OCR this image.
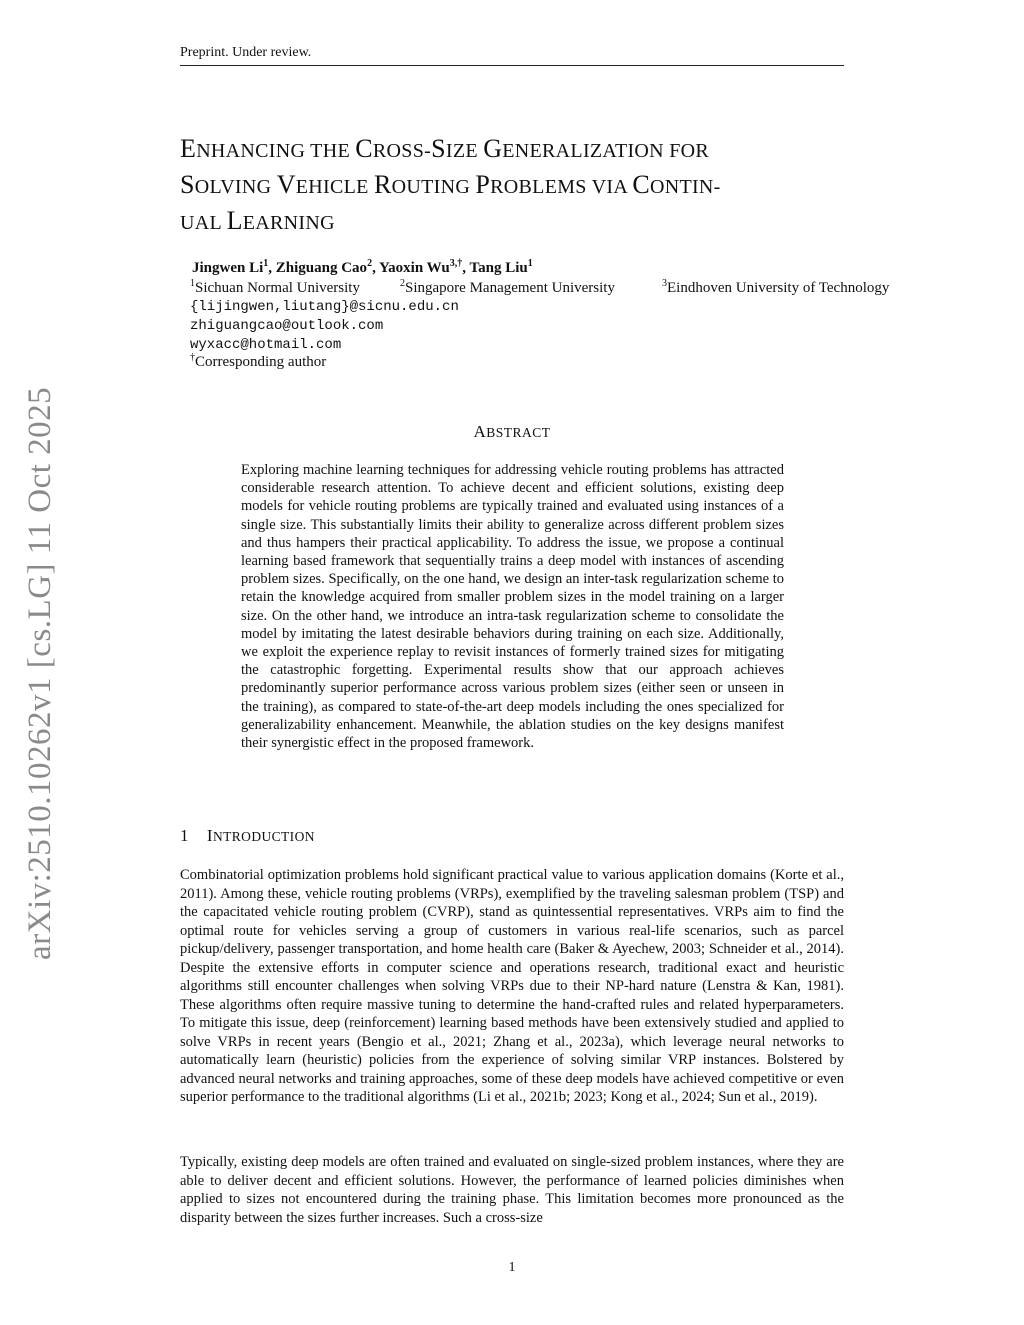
Preprint. Under review.
arXiv:2510.10262v1 [cs.LG] 11 Oct 2025
ENHANCING THE CROSS-SIZE GENERALIZATION FOR
SOLVING VEHICLE ROUTING PROBLEMS VIA CONTIN-
UAL LEARNING
Jingwen Li$^1$, Zhiguang Cao$^2$, Yaoxin $Wu^{3,\dagger}$, Tang Liu$^1$
$^1$Sichuan Normal University	$^2$Singapore Management University	$^3$Eindhoven University of Technology
{lijingwen,liutang}@sicnu.edu.cn
zhiguangcao@outlook.com
wyxacc@hotmail.com
†Corresponding author
ABSTRACT
Exploring machine learning techniques for addressing vehicle routing problems has attracted considerable research attention. To achieve decent and efficient solutions, existing deep models for vehicle routing problems are typically trained and evaluated using instances of a single size. This substantially limits their ability to generalize across different problem sizes and thus hampers their practical applicability. To address the issue, we propose a continual learning based framework that sequentially trains a deep model with instances of ascending problem sizes. Specifically, on the one hand, we design an inter-task regularization scheme to retain the knowledge acquired from smaller problem sizes in the model training on a larger size. On the other hand, we introduce an intra-task regularization scheme to consolidate the model by imitating the latest desirable behaviors during training on each size. Additionally, we exploit the experience replay to revisit instances of formerly trained sizes for mitigating the catastrophic forgetting. Experimental results show that our approach achieves predominantly superior performance across various problem sizes (either seen or unseen in the training), as compared to state-of-the-art deep models including the ones specialized for generalizability enhancement. Meanwhile, the ablation studies on the key designs manifest their synergistic effect in the proposed framework.
1 INTRODUCTION
Combinatorial optimization problems hold significant practical value to various application domains (Korte et al., 2011). Among these, vehicle routing problems (VRPs), exemplified by the traveling salesman problem (TSP) and the capacitated vehicle routing problem (CVRP), stand as quintessential representatives. VRPs aim to find the optimal route for vehicles serving a group of customers in various real-life scenarios, such as parcel pickup/delivery, passenger transportation, and home health care (Baker & Ayechew, 2003; Schneider et al., 2014). Despite the extensive efforts in computer science and operations research, traditional exact and heuristic algorithms still encounter challenges when solving VRPs due to their NP-hard nature (Lenstra & Kan, 1981). These algorithms often require massive tuning to determine the hand-crafted rules and related hyperparameters. To mitigate this issue, deep (reinforcement) learning based methods have been extensively studied and applied to solve VRPs in recent years (Bengio et al., 2021; Zhang et al., 2023a), which leverage neural networks to automatically learn (heuristic) policies from the experience of solving similar VRP instances. Bolstered by advanced neural networks and training approaches, some of these deep models have achieved competitive or even superior performance to the traditional algorithms (Li et al., 2021b; 2023; Kong et al., 2024; Sun et al., 2019).
Typically, existing deep models are often trained and evaluated on single-sized problem instances, where they are able to deliver decent and efficient solutions. However, the performance of learned policies diminishes when applied to sizes not encountered during the training phase. This limitation becomes more pronounced as the disparity between the sizes further increases. Such a cross-size
1
